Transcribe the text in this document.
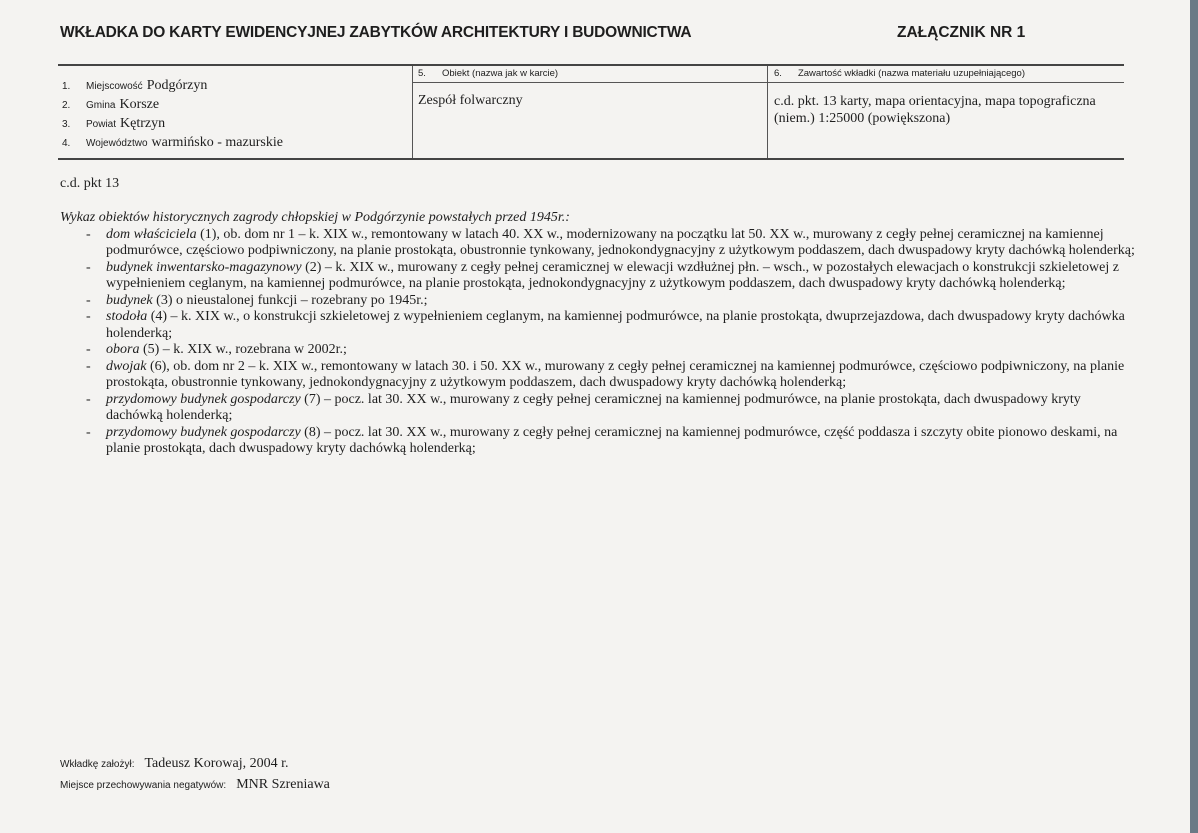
WKŁADKA DO KARTY EWIDENCYJNEJ ZABYTKÓW ARCHITEKTURY I BUDOWNICTWA	ZAŁĄCZNIK NR 1
1.	Miejscowość Podgórzyn
2.	Gmina Korsze
3.	Powiat Kętrzyn
4.	Województwo warmińsko - mazurskie
5. Obiekt (nazwa jak w karcie)
Zespół folwarczny
6. Zawartość wkładki (nazwa materiału uzupełniającego)
c.d. pkt. 13 karty, mapa orientacyjna, mapa topograficzna (niem.) 1:25000 (powiększona)
c.d. pkt 13
Wykaz obiektów historycznych zagrody chłopskiej w Podgórzynie powstałych przed 1945r.:
- dom właściciela (1), ob. dom nr 1 – k. XIX w., remontowany w latach 40. XX w., modernizowany na początku lat 50. XX w., murowany z cegły pełnej ceramicznej na kamiennej podmurówce, częściowo podpiwniczony, na planie prostokąta, obustronnie tynkowany, jednokondygnacyjny z użytkowym poddaszem, dach dwuspadowy kryty dachówką holenderką;
- budynek inwentarsko-magazynowy (2) – k. XIX w., murowany z cegły pełnej ceramicznej w elewacji wzdłużnej płn. – wsch., w pozostałych elewacjach o konstrukcji szkieletowej z wypełnieniem ceglanym, na kamiennej podmurówce, na planie prostokąta, jednokondygnacyjny z użytkowym poddaszem, dach dwuspadowy kryty dachówką holenderką;
- budynek (3) o nieustalonej funkcji – rozebrany po 1945r.;
- stodoła (4) – k. XIX w., o konstrukcji szkieletowej z wypełnieniem ceglanym, na kamiennej podmurówce, na planie prostokąta, dwuprzejazdowa, dach dwuspadowy kryty dachówka holenderką;
- obora (5) – k. XIX w., rozebrana w 2002r.;
- dwojak (6), ob. dom nr 2 – k. XIX w., remontowany w latach 30. i 50. XX w., murowany z cegły pełnej ceramicznej na kamiennej podmurówce, częściowo podpiwniczony, na planie prostokąta, obustronnie tynkowany, jednokondygnacyjny z użytkowym poddaszem, dach dwuspadowy kryty dachówką holenderką;
- przydomowy budynek gospodarczy (7) – pocz. lat 30. XX w., murowany z cegły pełnej ceramicznej na kamiennej podmurówce, na planie prostokąta, dach dwuspadowy kryty dachówką holenderką;
- przydomowy budynek gospodarczy (8) – pocz. lat 30. XX w., murowany z cegły pełnej ceramicznej na kamiennej podmurówce, część poddasza i szczyty obite pionowo deskami, na planie prostokąta, dach dwuspadowy kryty dachówką holenderką;
Wkładkę założył: Tadeusz Korowaj, 2004 r.
Miejsce przechowywania negatywów: MNR Szreniawa
